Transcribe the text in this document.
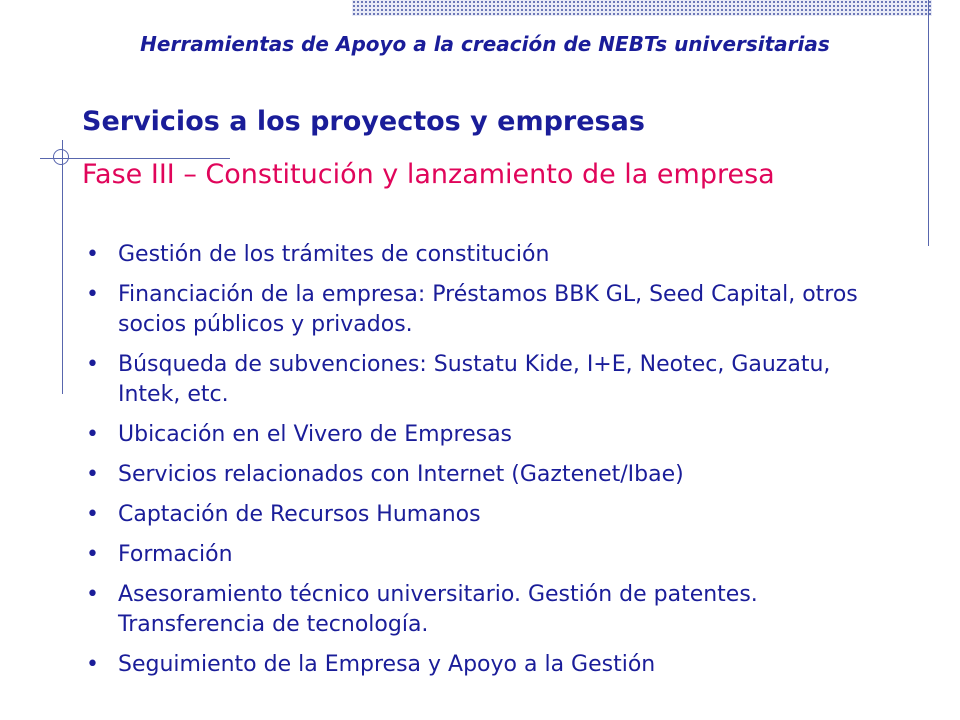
Herramientas de Apoyo a la creación de NEBTs universitarias
Servicios a los proyectos y empresas
Fase III – Constitución y lanzamiento de la empresa
• Gestión de los trámites de constitución
• Financiación de la empresa: Préstamos BBK GL, Seed Capital, otros socios públicos y privados.
• Búsqueda de subvenciones: Sustatu Kide, I+E, Neotec, Gauzatu, Intek, etc.
• Ubicación en el Vivero de Empresas
• Servicios relacionados con Internet (Gaztenet/Ibae)
• Captación de Recursos Humanos
• Formación
• Asesoramiento técnico universitario. Gestión de patentes. Transferencia de tecnología.
• Seguimiento de la Empresa y Apoyo a la Gestión
